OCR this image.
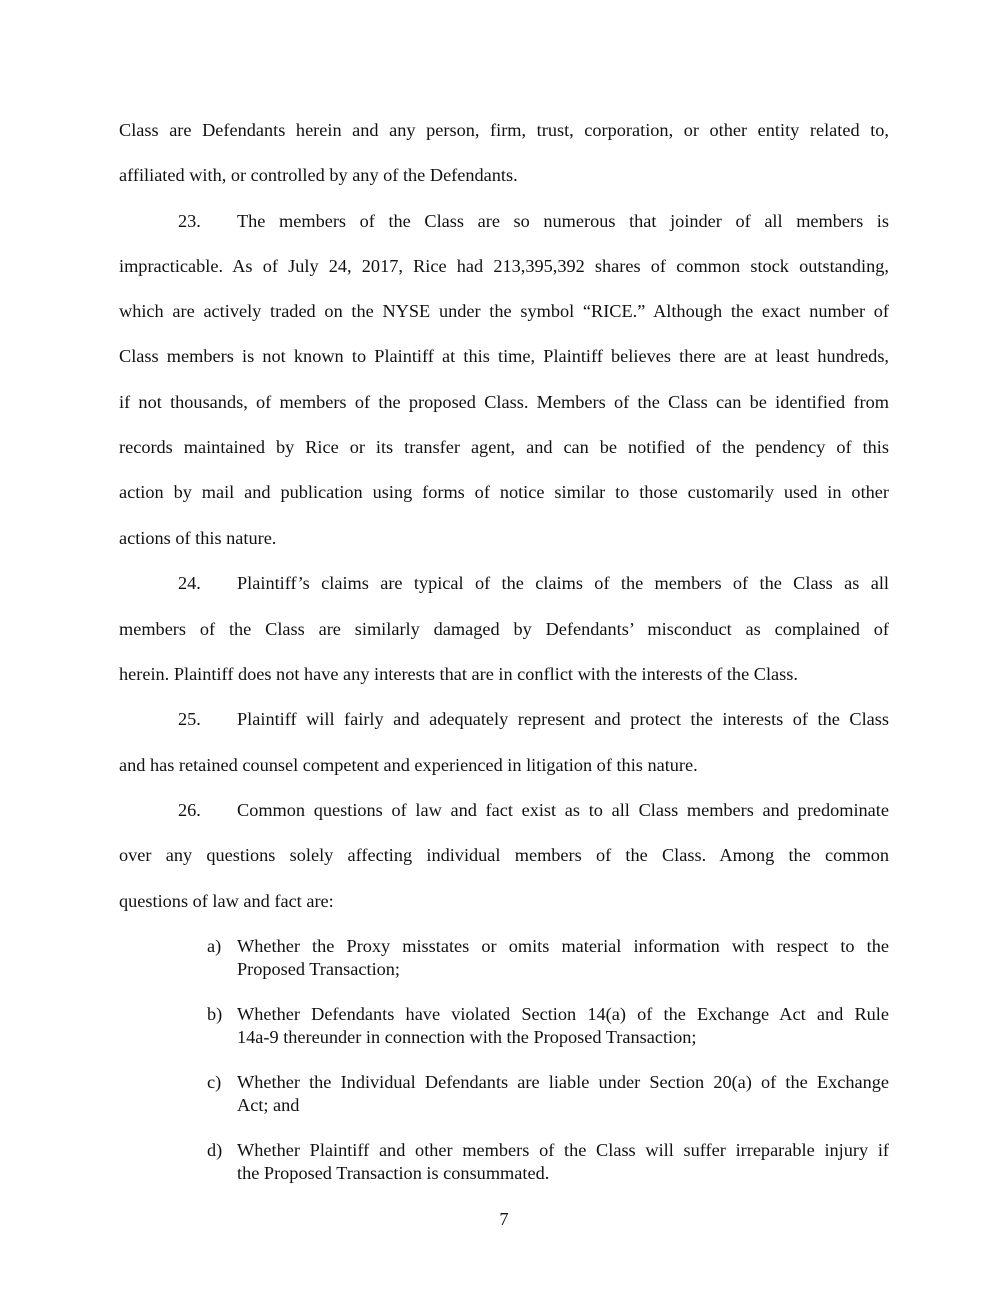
Class are Defendants herein and any person, firm, trust, corporation, or other entity related to,
affiliated with, or controlled by any of the Defendants.
23. The members of the Class are so numerous that joinder of all members is
impracticable. As of July 24, 2017, Rice had 213,395,392 shares of common stock outstanding,
which are actively traded on the NYSE under the symbol “RICE.” Although the exact number of
Class members is not known to Plaintiff at this time, Plaintiff believes there are at least hundreds,
if not thousands, of members of the proposed Class. Members of the Class can be identified from
records maintained by Rice or its transfer agent, and can be notified of the pendency of this
action by mail and publication using forms of notice similar to those customarily used in other
actions of this nature.
24. Plaintiff’s claims are typical of the claims of the members of the Class as all
members of the Class are similarly damaged by Defendants’ misconduct as complained of
herein. Plaintiff does not have any interests that are in conflict with the interests of the Class.
25. Plaintiff will fairly and adequately represent and protect the interests of the Class
and has retained counsel competent and experienced in litigation of this nature.
26. Common questions of law and fact exist as to all Class members and predominate
over any questions solely affecting individual members of the Class. Among the common
questions of law and fact are:
a) Whether the Proxy misstates or omits material information with respect to the
Proposed Transaction;
b) Whether Defendants have violated Section 14(a) of the Exchange Act and Rule
14a-9 thereunder in connection with the Proposed Transaction;
c) Whether the Individual Defendants are liable under Section 20(a) of the Exchange
Act; and
d) Whether Plaintiff and other members of the Class will suffer irreparable injury if
the Proposed Transaction is consummated.
7
